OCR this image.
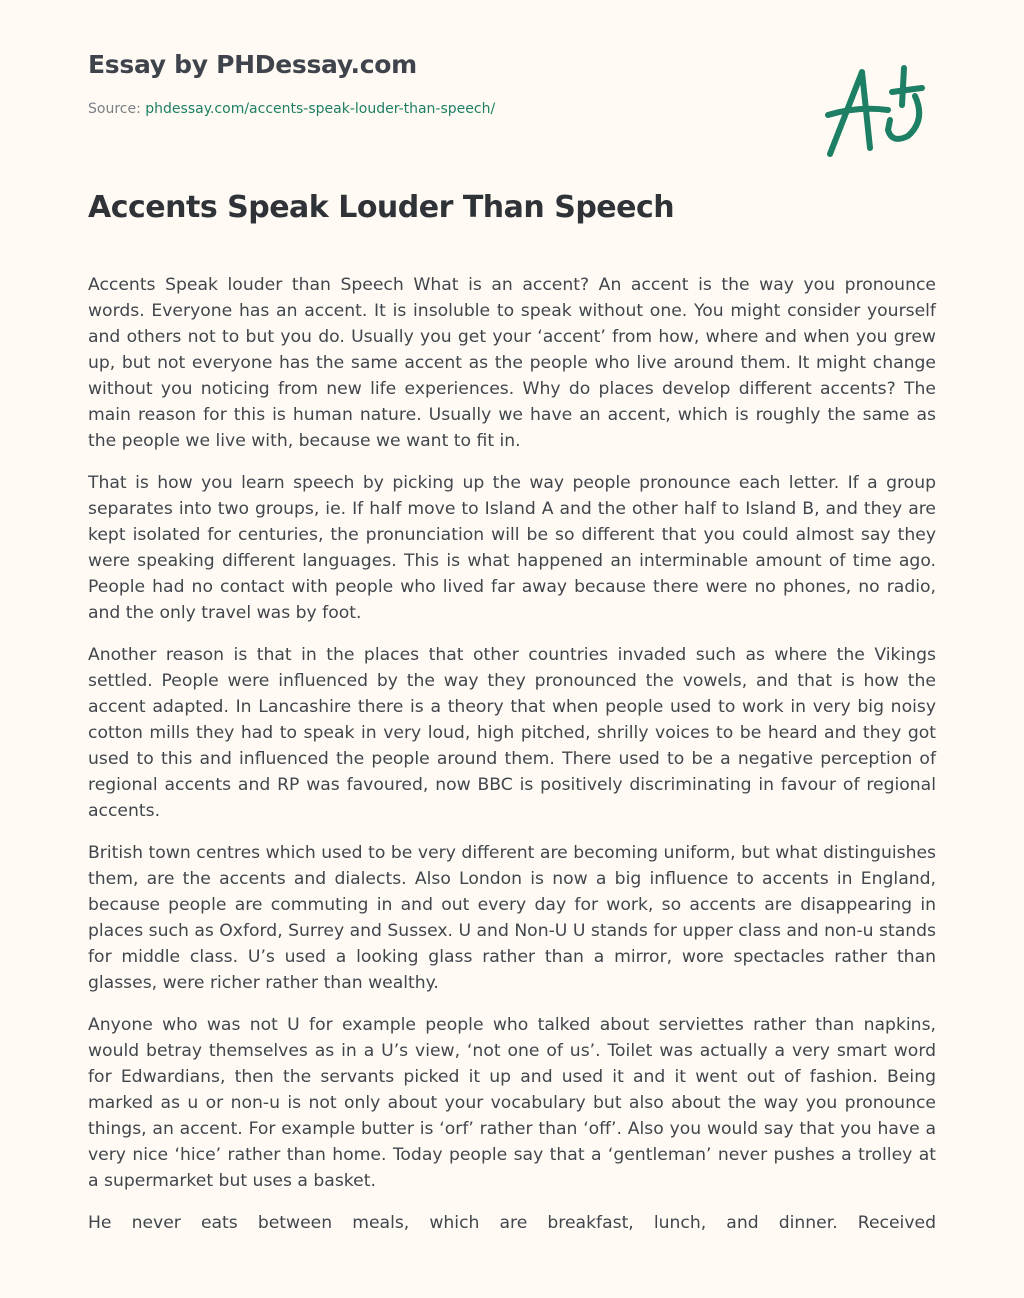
Essay by PHDessay.com
Source: phdessay.com/accents-speak-louder-than-speech/
Accents Speak Louder Than Speech

Accents Speak louder than Speech What is an accent? An accent is the way you pronounce words. Everyone has an accent. It is insoluble to speak without one. You might consider yourself and others not to but you do. Usually you get your ‘accent’ from how, where and when you grew up, but not everyone has the same accent as the people who live around them. It might change without you noticing from new life experiences. Why do places develop different accents? The main reason for this is human nature. Usually we have an accent, which is roughly the same as the people we live with, because we want to fit in.

That is how you learn speech by picking up the way people pronounce each letter. If a group separates into two groups, ie. If half move to Island A and the other half to Island B, and they are kept isolated for centuries, the pronunciation will be so different that you could almost say they were speaking different languages. This is what happened an interminable amount of time ago. People had no contact with people who lived far away because there were no phones, no radio, and the only travel was by foot.

Another reason is that in the places that other countries invaded such as where the Vikings settled. People were influenced by the way they pronounced the vowels, and that is how the accent adapted. In Lancashire there is a theory that when people used to work in very big noisy cotton mills they had to speak in very loud, high pitched, shrilly voices to be heard and they got used to this and influenced the people around them. There used to be a negative perception of regional accents and RP was favoured, now BBC is positively discriminating in favour of regional accents.

British town centres which used to be very different are becoming uniform, but what distinguishes them, are the accents and dialects. Also London is now a big influence to accents in England, because people are commuting in and out every day for work, so accents are disappearing in places such as Oxford, Surrey and Sussex. U and Non-U U stands for upper class and non-u stands for middle class. U’s used a looking glass rather than a mirror, wore spectacles rather than glasses, were richer rather than wealthy.

Anyone who was not U for example people who talked about serviettes rather than napkins, would betray themselves as in a U’s view, ‘not one of us’. Toilet was actually a very smart word for Edwardians, then the servants picked it up and used it and it went out of fashion. Being marked as u or non-u is not only about your vocabulary but also about the way you pronounce things, an accent. For example butter is ‘orf’ rather than ‘off’. Also you would say that you have a very nice ‘hice’ rather than home. Today people say that a ‘gentleman’ never pushes a trolley at a supermarket but uses a basket.

He never eats between meals, which are breakfast, lunch, and dinner. Received
